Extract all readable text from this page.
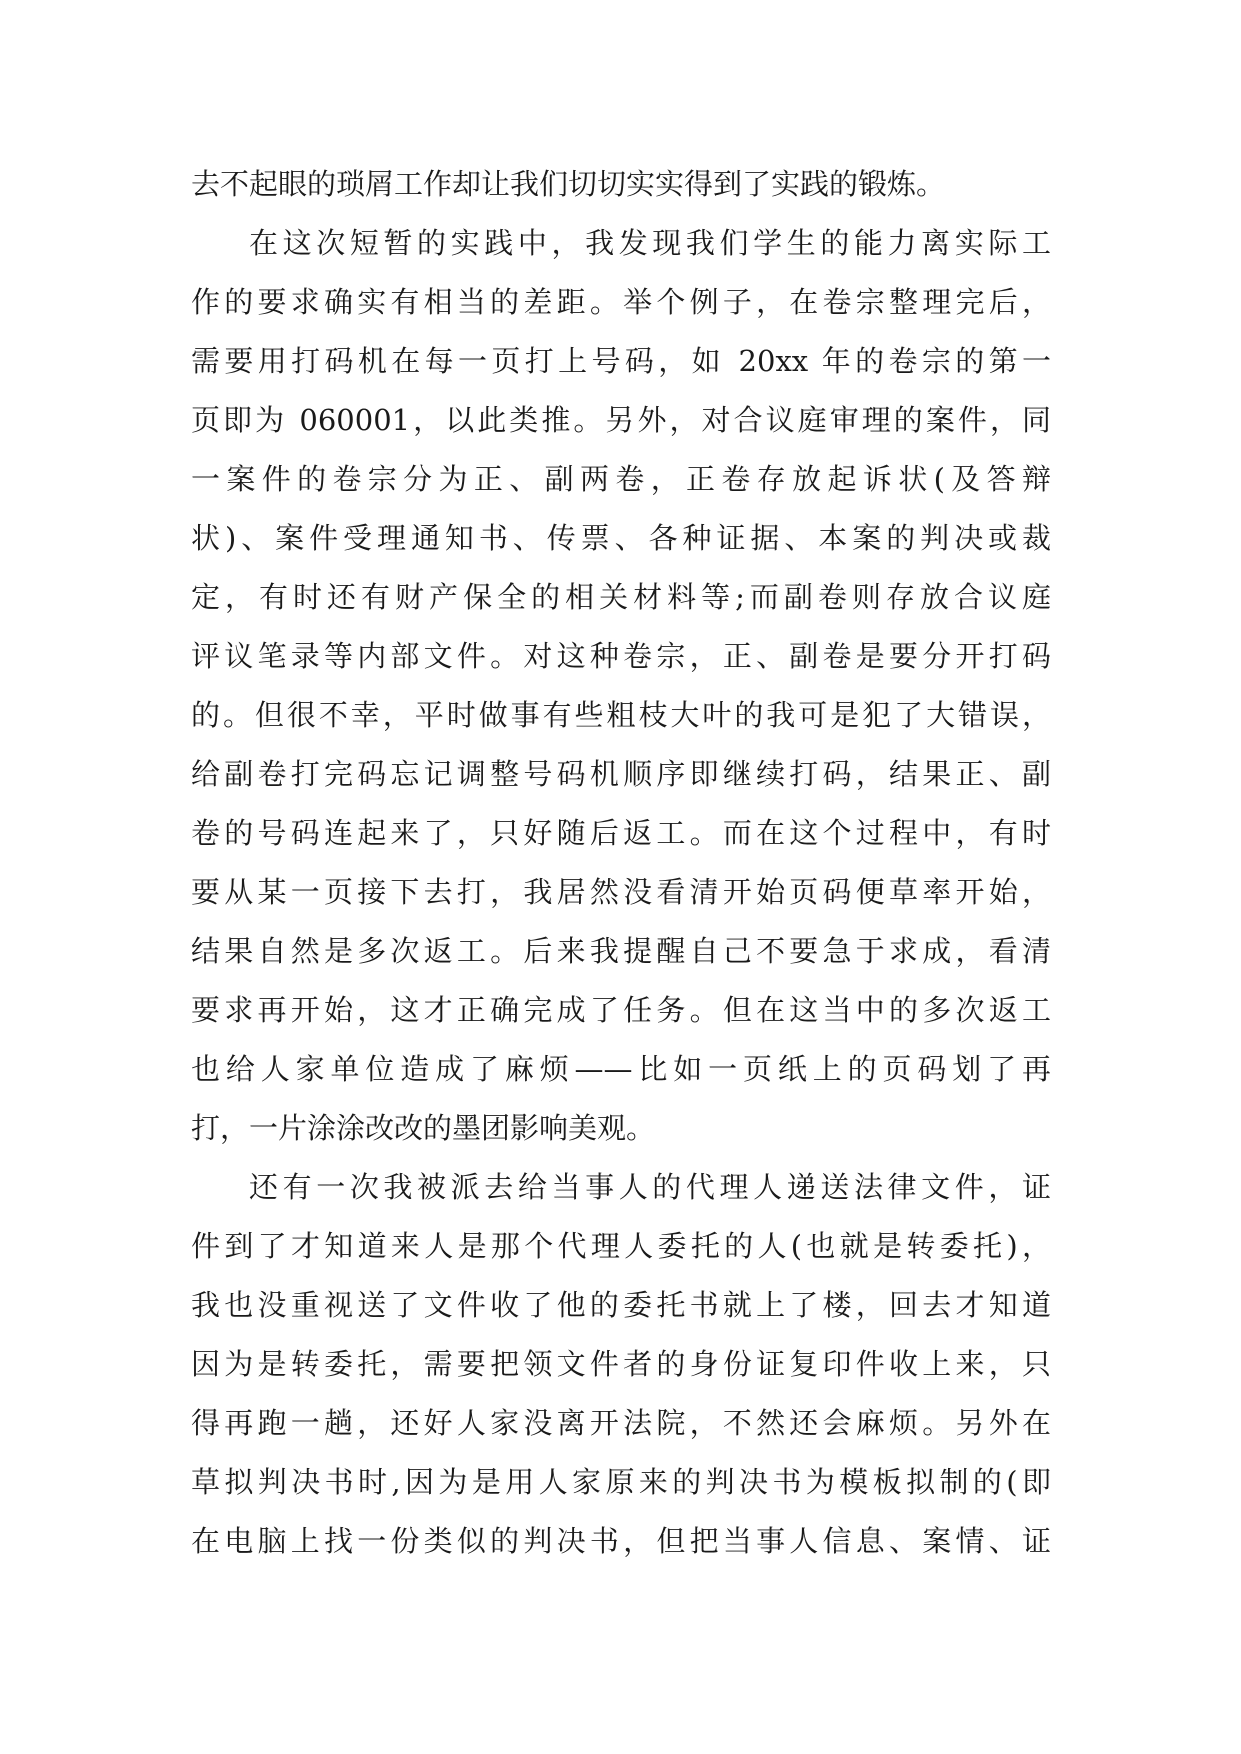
去不起眼的琐屑工作却让我们切切实实得到了实践的锻炼。
在这次短暂的实践中，我发现我们学生的能力离实际工
作的要求确实有相当的差距。举个例子，在卷宗整理完后，
需要用打码机在每一页打上号码，如 20xx 年的卷宗的第一
页即为 060001，以此类推。另外，对合议庭审理的案件，同
一案件的卷宗分为正、副两卷，正卷存放起诉状(及答辩
状)、案件受理通知书、传票、各种证据、本案的判决或裁
定，有时还有财产保全的相关材料等;而副卷则存放合议庭
评议笔录等内部文件。对这种卷宗，正、副卷是要分开打码
的。但很不幸，平时做事有些粗枝大叶的我可是犯了大错误，
给副卷打完码忘记调整号码机顺序即继续打码，结果正、副
卷的号码连起来了，只好随后返工。而在这个过程中，有时
要从某一页接下去打，我居然没看清开始页码便草率开始，
结果自然是多次返工。后来我提醒自己不要急于求成，看清
要求再开始，这才正确完成了任务。但在这当中的多次返工
也给人家单位造成了麻烦——比如一页纸上的页码划了再
打，一片涂涂改改的墨团影响美观。
还有一次我被派去给当事人的代理人递送法律文件，证
件到了才知道来人是那个代理人委托的人(也就是转委托)，
我也没重视送了文件收了他的委托书就上了楼，回去才知道
因为是转委托，需要把领文件者的身份证复印件收上来，只
得再跑一趟，还好人家没离开法院，不然还会麻烦。另外在
草拟判决书时,因为是用人家原来的判决书为模板拟制的(即
在电脑上找一份类似的判决书，但把当事人信息、案情、证
